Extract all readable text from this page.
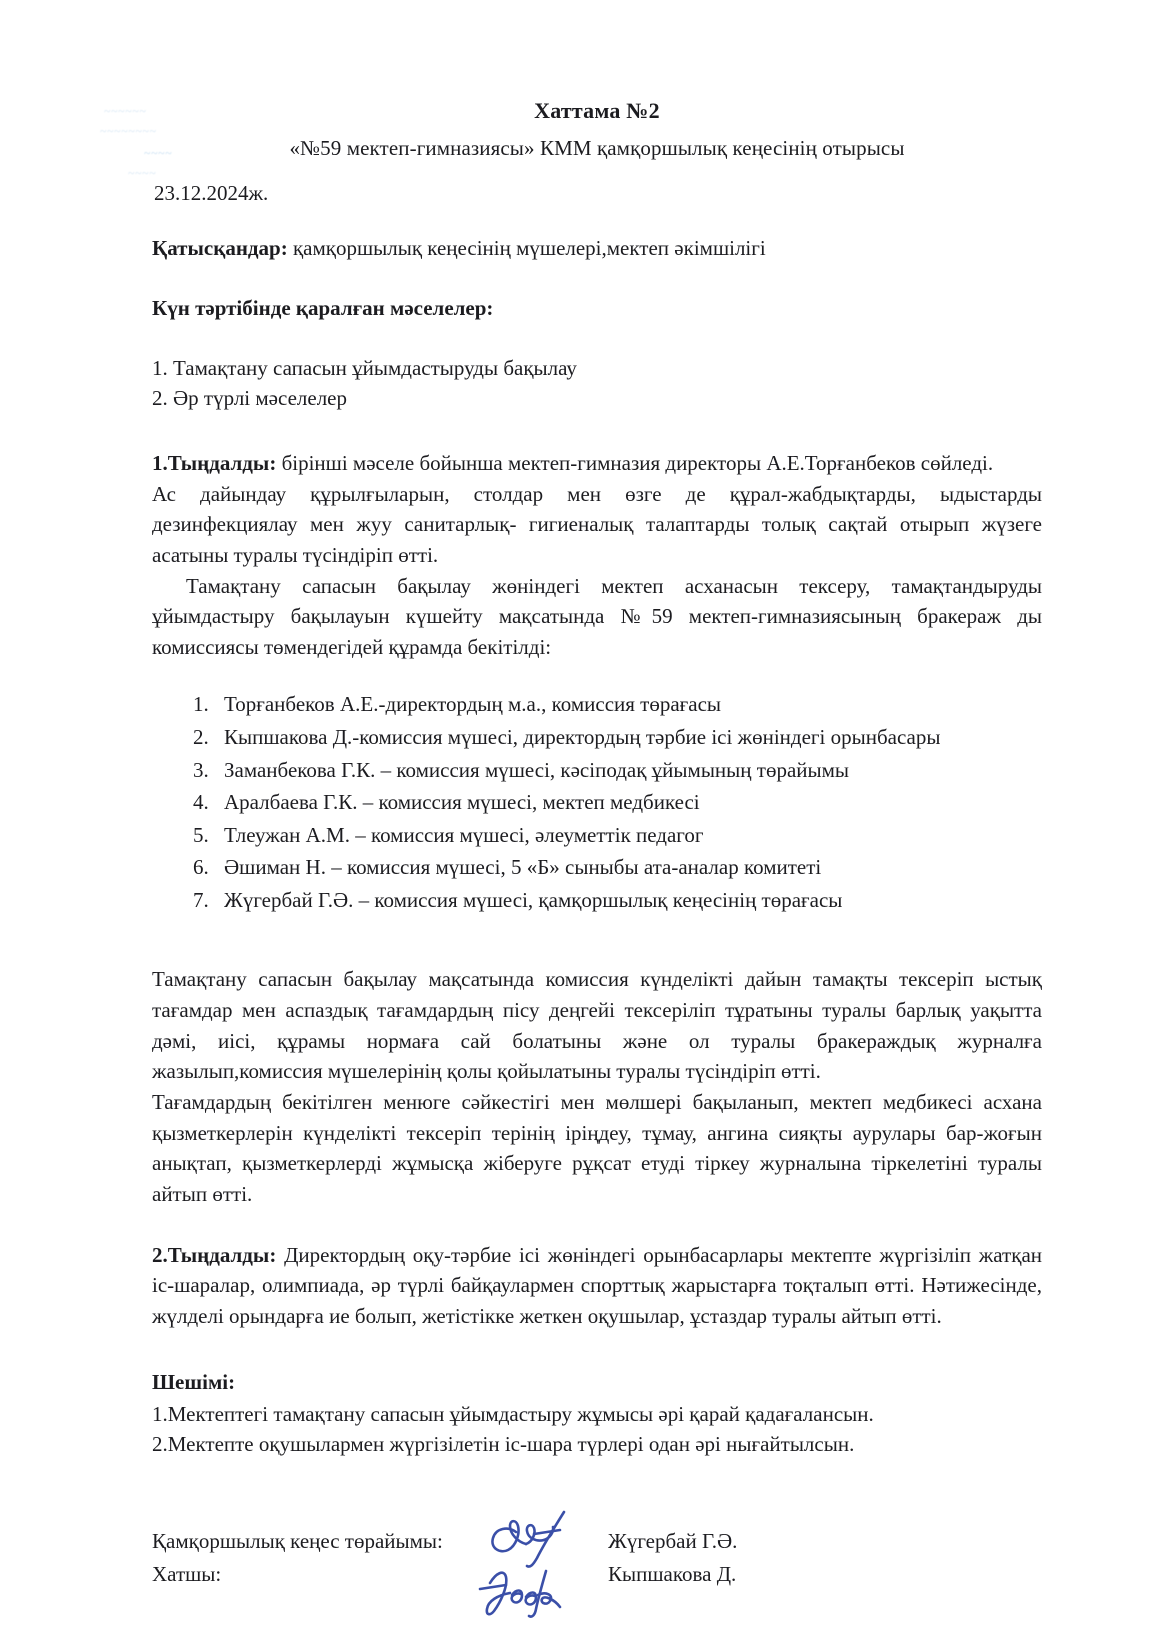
~~~~~~
~~~~~~~~
~~~~
~~~~
Хаттама №2
«№59 мектеп-гимназиясы» КММ қамқоршылық кеңесінің отырысы
23.12.2024ж.
Қатысқандар: қамқоршылық кеңесінің мүшелері,мектеп әкімшілігі
Күн тәртібінде қаралған мәселелер:
1. Тамақтану сапасын ұйымдастыруды бақылау
2. Әр түрлі мәселелер
1.Тыңдалды: бірінші мәселе бойынша мектеп-гимназия директоры А.Е.Торғанбеков сөйледі.
Ас дайындау құрылғыларын, столдар мен өзге де құрал-жабдықтарды, ыдыстарды дезинфекциялау мен жуу санитарлық- гигиеналық талаптарды толық сақтай отырып жүзеге асатыны туралы түсіндіріп өтті.
Тамақтану сапасын бақылау жөніндегі мектеп асханасын тексеру, тамақтандыруды ұйымдастыру бақылауын күшейту мақсатында №59 мектеп-гимназиясының бракераж ды комиссиясы төмендегідей құрамда бекітілді:
1. Торғанбеков А.Е.-директордың м.а., комиссия төрағасы
2. Кыпшакова Д.-комиссия мүшесі, директордың тәрбие ісі жөніндегі орынбасары
3. Заманбекова Г.К. – комиссия мүшесі, кәсіподақ ұйымының төрайымы
4. Аралбаева Г.К. – комиссия мүшесі, мектеп медбикесі
5. Тлеужан А.М. – комиссия мүшесі, әлеуметтік педагог
6. Әшиман Н. – комиссия мүшесі, 5 «Б» сыныбы ата-аналар комитеті
7. Жүгербай Г.Ә. – комиссия мүшесі, қамқоршылық кеңесінің төрағасы
Тамақтану сапасын бақылау мақсатында комиссия күнделікті дайын тамақты тексеріп ыстық тағамдар мен аспаздық тағамдардың пісу деңгейі тексеріліп тұратыны туралы барлық уақытта дәмі, иісі, құрамы нормаға сай болатыны және ол туралы бракераждық журналға жазылып,комиссия мүшелерінің қолы қойылатыны туралы түсіндіріп өтті.
Тағамдардың бекітілген менюге сәйкестігі мен мөлшері бақыланып, мектеп медбикесі асхана қызметкерлерін күнделікті тексеріп терінің іріңдеу, тұмау, ангина сияқты аурулары бар-жоғын анықтап, қызметкерлерді жұмысқа жіберуге рұқсат етуді тіркеу журналына тіркелетіні туралы айтып өтті.
2.Тыңдалды: Директордың оқу-тәрбие ісі жөніндегі орынбасарлары мектепте жүргізіліп жатқан іс-шаралар, олимпиада, әр түрлі байқаулармен спорттық жарыстарға тоқталып өтті. Нәтижесінде, жүлделі орындарға ие болып, жетістікке жеткен оқушылар, ұстаздар туралы айтып өтті.
Шешімі:
1.Мектептегі тамақтану сапасын ұйымдастыру жұмысы әрі қарай қадағалансын.
2.Мектепте оқушылармен жүргізілетін іс-шара түрлері одан әрі нығайтылсын.
Қамқоршылық кеңес төрайымы:	Жүгербай Г.Ә.
Хатшы:	Кыпшакова Д.
